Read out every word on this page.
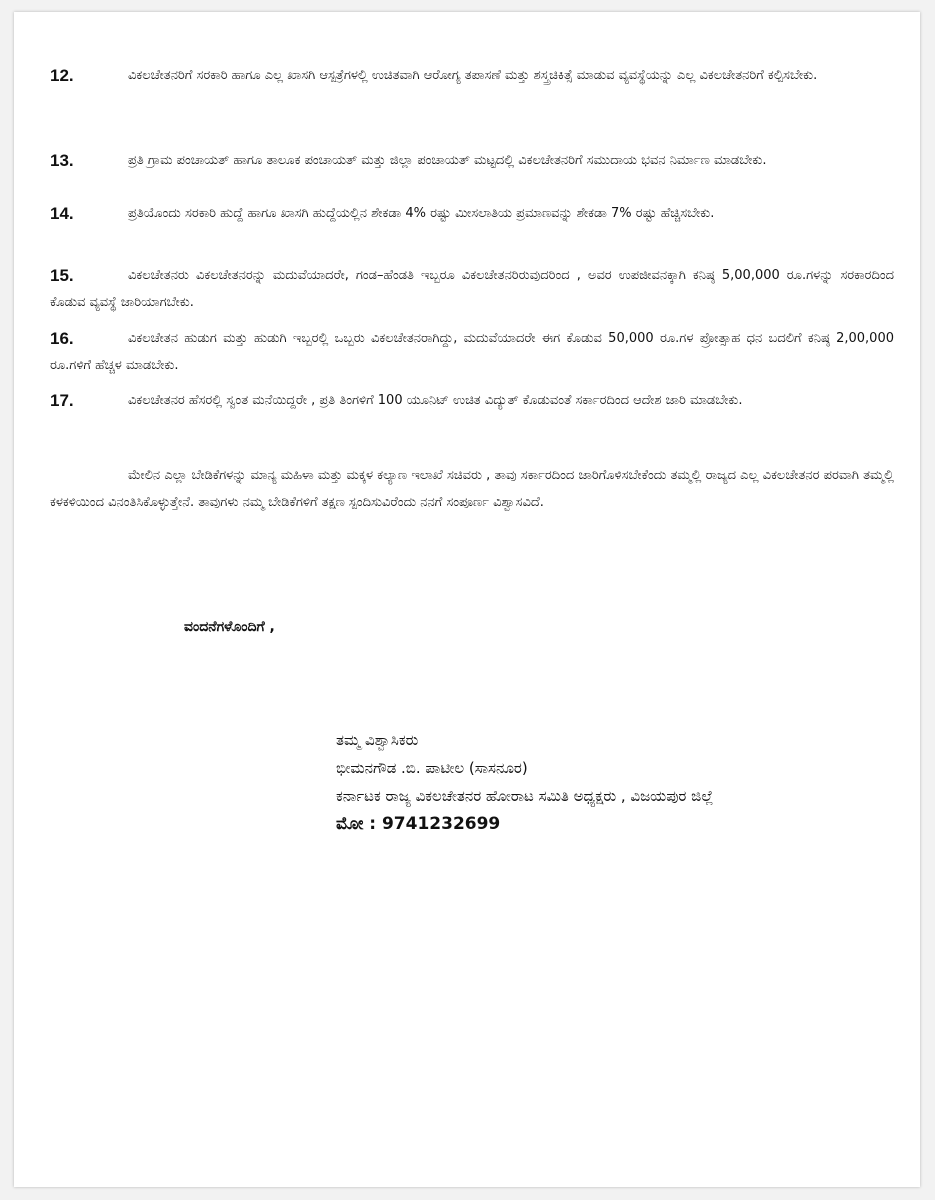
12.	ವಿಕಲಚೇತನರಿಗೆ ಸರಕಾರಿ ಹಾಗೂ ಎಲ್ಲ ಖಾಸಗಿ ಆಸ್ಪತ್ರೆಗಳಲ್ಲಿ ಉಚಿತವಾಗಿ ಆರೋಗ್ಯ ತಪಾಸಣೆ ಮತ್ತು ಶಸ್ತ್ರಚಿಕಿತ್ಸೆ ಮಾಡುವ ವ್ಯವಸ್ಥೆಯನ್ನು ಎಲ್ಲ ವಿಕಲಚೇತನರಿಗೆ ಕಲ್ಪಿಸಬೇಕು.

13.	ಪ್ರತಿ ಗ್ರಾಮ ಪಂಚಾಯತ್ ಹಾಗೂ ತಾಲೂಕ ಪಂಚಾಯತ್ ಮತ್ತು ಜಿಲ್ಲಾ ಪಂಚಾಯತ್ ಮಟ್ಟದಲ್ಲಿ ವಿಕಲಚೇತನರಿಗೆ ಸಮುದಾಯ ಭವನ ನಿರ್ಮಾಣ ಮಾಡಬೇಕು.

14.	ಪ್ರತಿಯೊಂದು ಸರಕಾರಿ ಹುದ್ದೆ ಹಾಗೂ ಖಾಸಗಿ ಹುದ್ದೆಯಲ್ಲಿನ ಶೇಕಡಾ 4% ರಷ್ಟು ಮೀಸಲಾತಿಯ ಪ್ರಮಾಣವನ್ನು ಶೇಕಡಾ 7% ರಷ್ಟು ಹೆಚ್ಚಿಸಬೇಕು.

15.	ವಿಕಲಚೇತನರು ವಿಕಲಚೇತನರನ್ನು ಮದುವೆಯಾದರೇ, ಗಂಡ–ಹೆಂಡತಿ ಇಬ್ಬರೂ ವಿಕಲಚೇತನರಿರುವುದರಿಂದ , ಅವರ ಉಪಜೀವನಕ್ಕಾಗಿ ಕನಿಷ್ಠ 5,00,000 ರೂ.ಗಳನ್ನು ಸರಕಾರದಿಂದ ಕೊಡುವ ವ್ಯವಸ್ಥೆ ಜಾರಿಯಾಗಬೇಕು.

16.	ವಿಕಲಚೇತನ ಹುಡುಗ ಮತ್ತು ಹುಡುಗಿ ಇಬ್ಬರಲ್ಲಿ ಒಬ್ಬರು ವಿಕಲಚೇತನರಾಗಿದ್ದು, ಮದುವೆಯಾದರೇ ಈಗ ಕೊಡುವ 50,000 ರೂ.ಗಳ ಪ್ರೋತ್ಸಾಹ ಧನ ಬದಲಿಗೆ ಕನಿಷ್ಠ 2,00,000 ರೂ.ಗಳಿಗೆ ಹೆಚ್ಚಳ ಮಾಡಬೇಕು.

17.	ವಿಕಲಚೇತನರ ಹೆಸರಲ್ಲಿ ಸ್ವಂತ ಮನೆಯಿದ್ದರೇ , ಪ್ರತಿ ತಿಂಗಳಿಗೆ 100 ಯೂನಿಟ್ ಉಚಿತ ವಿದ್ಯುತ್ ಕೊಡುವಂತೆ ಸರ್ಕಾರದಿಂದ ಆದೇಶ ಜಾರಿ ಮಾಡಬೇಕು.

ಮೇಲಿನ ಎಲ್ಲಾ ಬೇಡಿಕೆಗಳನ್ನು ಮಾನ್ಯ ಮಹಿಳಾ ಮತ್ತು ಮಕ್ಕಳ ಕಲ್ಯಾಣ ಇಲಾಖೆ ಸಚಿವರು , ತಾವು ಸರ್ಕಾರದಿಂದ ಜಾರಿಗೊಳಿಸಬೇಕೆಂದು ತಮ್ಮಲ್ಲಿ ರಾಜ್ಯದ ಎಲ್ಲ ವಿಕಲಚೇತನರ ಪರವಾಗಿ ತಮ್ಮಲ್ಲಿ ಕಳಕಳಿಯಿಂದ ವಿನಂತಿಸಿಕೊಳ್ಳುತ್ತೇನೆ. ತಾವುಗಳು ನಮ್ಮ ಬೇಡಿಕೆಗಳಿಗೆ ತಕ್ಷಣ ಸ್ಪಂದಿಸುವಿರೆಂದು ನನಗೆ ಸಂಪೂರ್ಣ ವಿಶ್ವಾಸವಿದೆ.

ವಂದನೆಗಳೊಂದಿಗೆ ,
ತಮ್ಮ ವಿಶ್ವಾಸಿಕರು
ಭೀಮನಗೌಡ .ಬಿ. ಪಾಟೀಲ (ಸಾಸನೂರ)
ಕರ್ನಾಟಕ ರಾಜ್ಯ ವಿಕಲಚೇತನರ ಹೋರಾಟ ಸಮಿತಿ ಅಧ್ಯಕ್ಷರು , ವಿಜಯಪುರ ಜಿಲ್ಲೆ
ಮೋ : 9741232699
